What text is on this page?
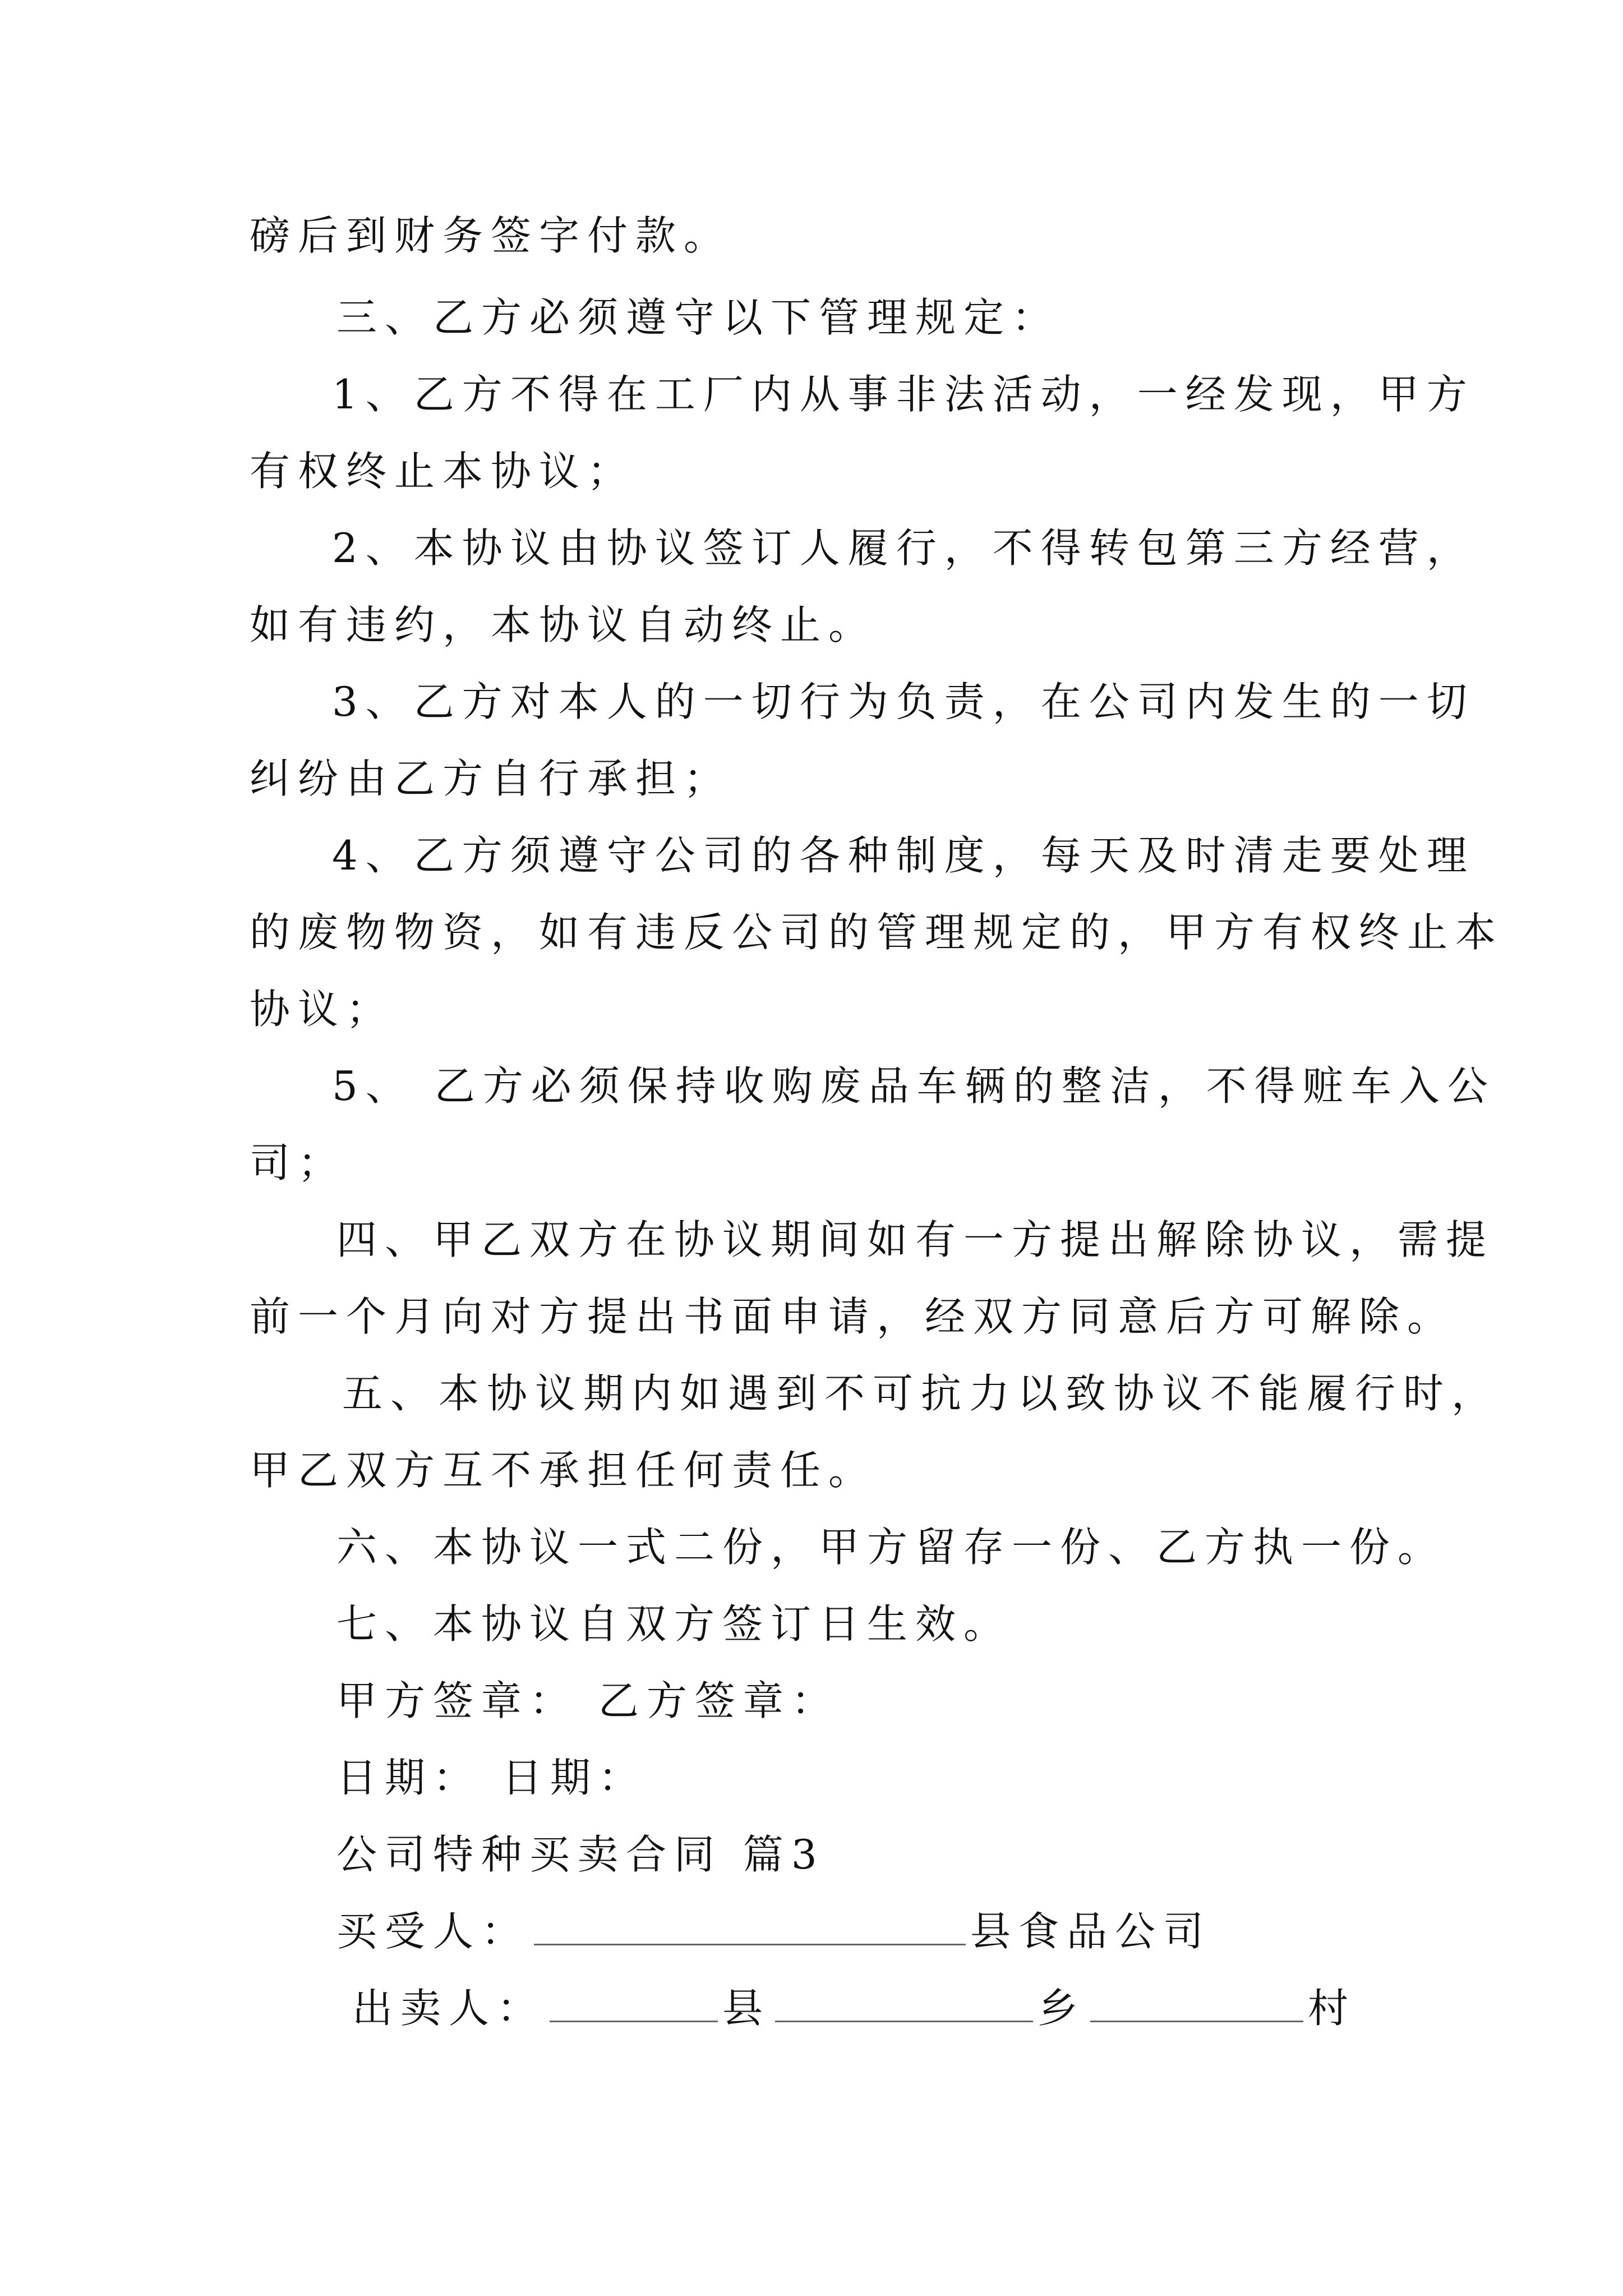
磅后到财务签字付款。
三、乙方必须遵守以下管理规定：
1、乙方不得在工厂内从事非法活动，一经发现，甲方
有权终止本协议；
2、本协议由协议签订人履行，不得转包第三方经营，
如有违约，本协议自动终止。
3、乙方对本人的一切行为负责，在公司内发生的一切
纠纷由乙方自行承担；
4、乙方须遵守公司的各种制度，每天及时清走要处理
的废物物资，如有违反公司的管理规定的，甲方有权终止本
协议；
5、 乙方必须保持收购废品车辆的整洁，不得赃车入公
司；
四、甲乙双方在协议期间如有一方提出解除协议，需提
前一个月向对方提出书面申请，经双方同意后方可解除。
五、本协议期内如遇到不可抗力以致协议不能履行时，
甲乙双方互不承担任何责任。
六、本协议一式二份，甲方留存一份、乙方执一份。
七、本协议自双方签订日生效。
甲方签章： 乙方签章：
日期： 日期：
公司特种买卖合同 篇3
买受人：	县食品公司
出卖人：	县	乡	村
